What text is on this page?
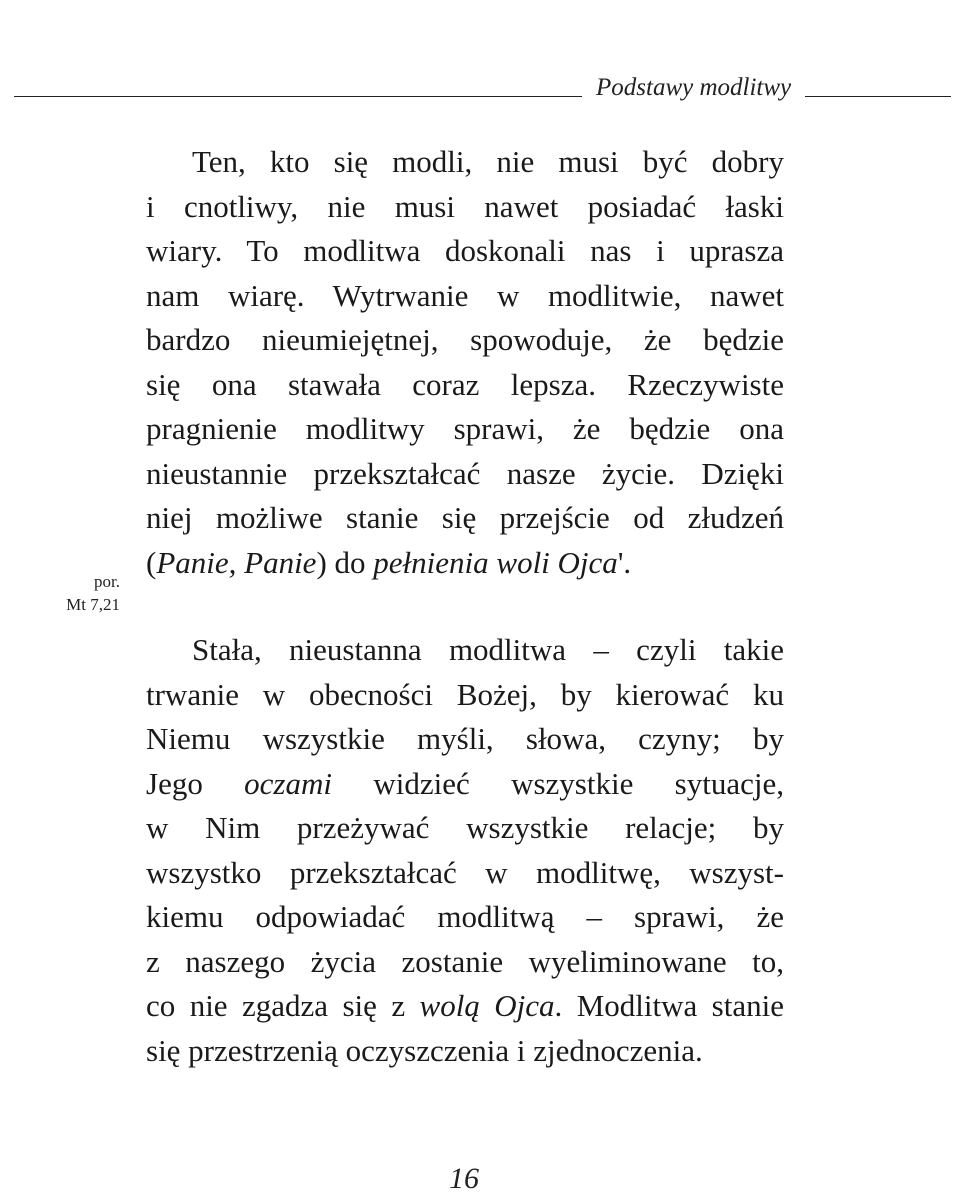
Podstawy modlitwy
por.
Mt 7,21
Ten, kto się modli, nie musi być dobry
i cnotliwy, nie musi nawet posiadać łaski
wiary. To modlitwa doskonali nas i uprasza
nam wiarę. Wytrwanie w modlitwie, nawet
bardzo nieumiejętnej, spowoduje, że będzie
się ona stawała coraz lepsza. Rzeczywiste
pragnienie modlitwy sprawi, że będzie ona
nieustannie przekształcać nasze życie. Dzięki
niej możliwe stanie się przejście od złudzeń
(Panie, Panie) do pełnienia woli Ojca'.
Stała, nieustanna modlitwa – czyli takie
trwanie w obecności Bożej, by kierować ku
Niemu wszystkie myśli, słowa, czyny; by
Jego oczami widzieć wszystkie sytuacje,
w Nim przeżywać wszystkie relacje; by
wszystko przekształcać w modlitwę, wszyst-
kiemu odpowiadać modlitwą – sprawi, że
z naszego życia zostanie wyeliminowane to,
co nie zgadza się z wolą Ojca. Modlitwa stanie
się przestrzenią oczyszczenia i zjednoczenia.
16
